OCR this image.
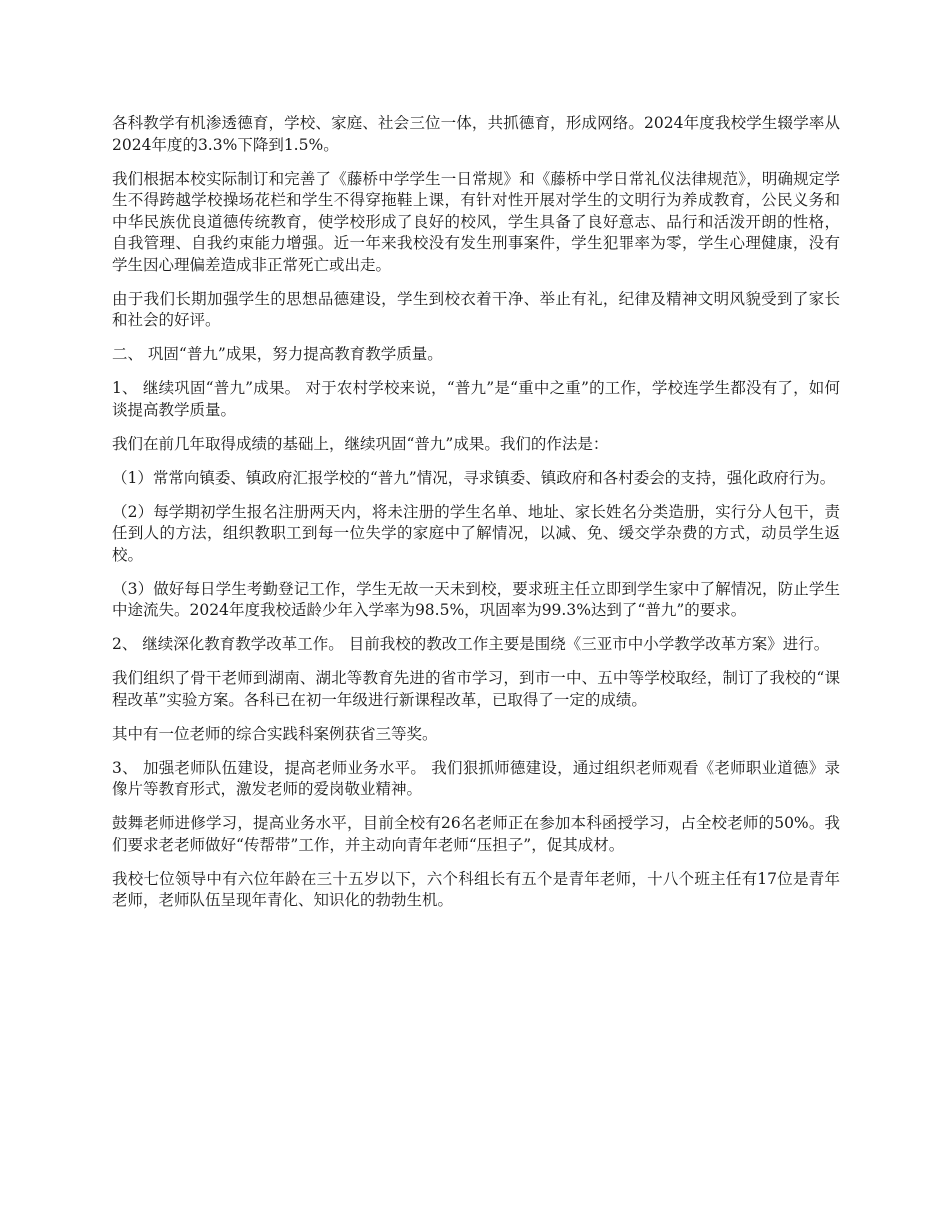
各科教学有机渗透德育，学校、家庭、社会三位一体，共抓德育，形成网络。2024年度我校学生辍学率从2024年度的3.3%下降到1.5%。

我们根据本校实际制订和完善了《藤桥中学学生一日常规》和《藤桥中学日常礼仪法律规范》，明确规定学生不得跨越学校操场花栏和学生不得穿拖鞋上课，有针对性开展对学生的文明行为养成教育，公民义务和中华民族优良道德传统教育，使学校形成了良好的校风，学生具备了良好意志、品行和活泼开朗的性格，自我管理、自我约束能力增强。近一年来我校没有发生刑事案件，学生犯罪率为零，学生心理健康，没有学生因心理偏差造成非正常死亡或出走。

由于我们长期加强学生的思想品德建设，学生到校衣着干净、举止有礼，纪律及精神文明风貌受到了家长和社会的好评。

二、 巩固“普九”成果，努力提高教育教学质量。

1、 继续巩固“普九”成果。 对于农村学校来说，“普九”是“重中之重”的工作，学校连学生都没有了，如何谈提高教学质量。

我们在前几年取得成绩的基础上，继续巩固“普九”成果。我们的作法是：

（1）常常向镇委、镇政府汇报学校的“普九”情况，寻求镇委、镇政府和各村委会的支持，强化政府行为。

（2）每学期初学生报名注册两天内，将未注册的学生名单、地址、家长姓名分类造册，实行分人包干，责任到人的方法，组织教职工到每一位失学的家庭中了解情况，以减、免、缓交学杂费的方式，动员学生返校。

（3）做好每日学生考勤登记工作，学生无故一天未到校，要求班主任立即到学生家中了解情况，防止学生中途流失。2024年度我校适龄少年入学率为98.5%，巩固率为99.3%达到了“普九”的要求。

2、 继续深化教育教学改革工作。 目前我校的教改工作主要是围绕《三亚市中小学教学改革方案》进行。

我们组织了骨干老师到湖南、湖北等教育先进的省市学习，到市一中、五中等学校取经，制订了我校的“课程改革”实验方案。各科已在初一年级进行新课程改革，已取得了一定的成绩。

其中有一位老师的综合实践科案例获省三等奖。

3、 加强老师队伍建设，提高老师业务水平。 我们狠抓师德建设，通过组织老师观看《老师职业道德》录像片等教育形式，激发老师的爱岗敬业精神。

鼓舞老师进修学习，提高业务水平，目前全校有26名老师正在参加本科函授学习，占全校老师的50%。我们要求老老师做好“传帮带”工作，并主动向青年老师“压担子”，促其成材。

我校七位领导中有六位年龄在三十五岁以下，六个科组长有五个是青年老师，十八个班主任有17位是青年老师，老师队伍呈现年青化、知识化的勃勃生机。
